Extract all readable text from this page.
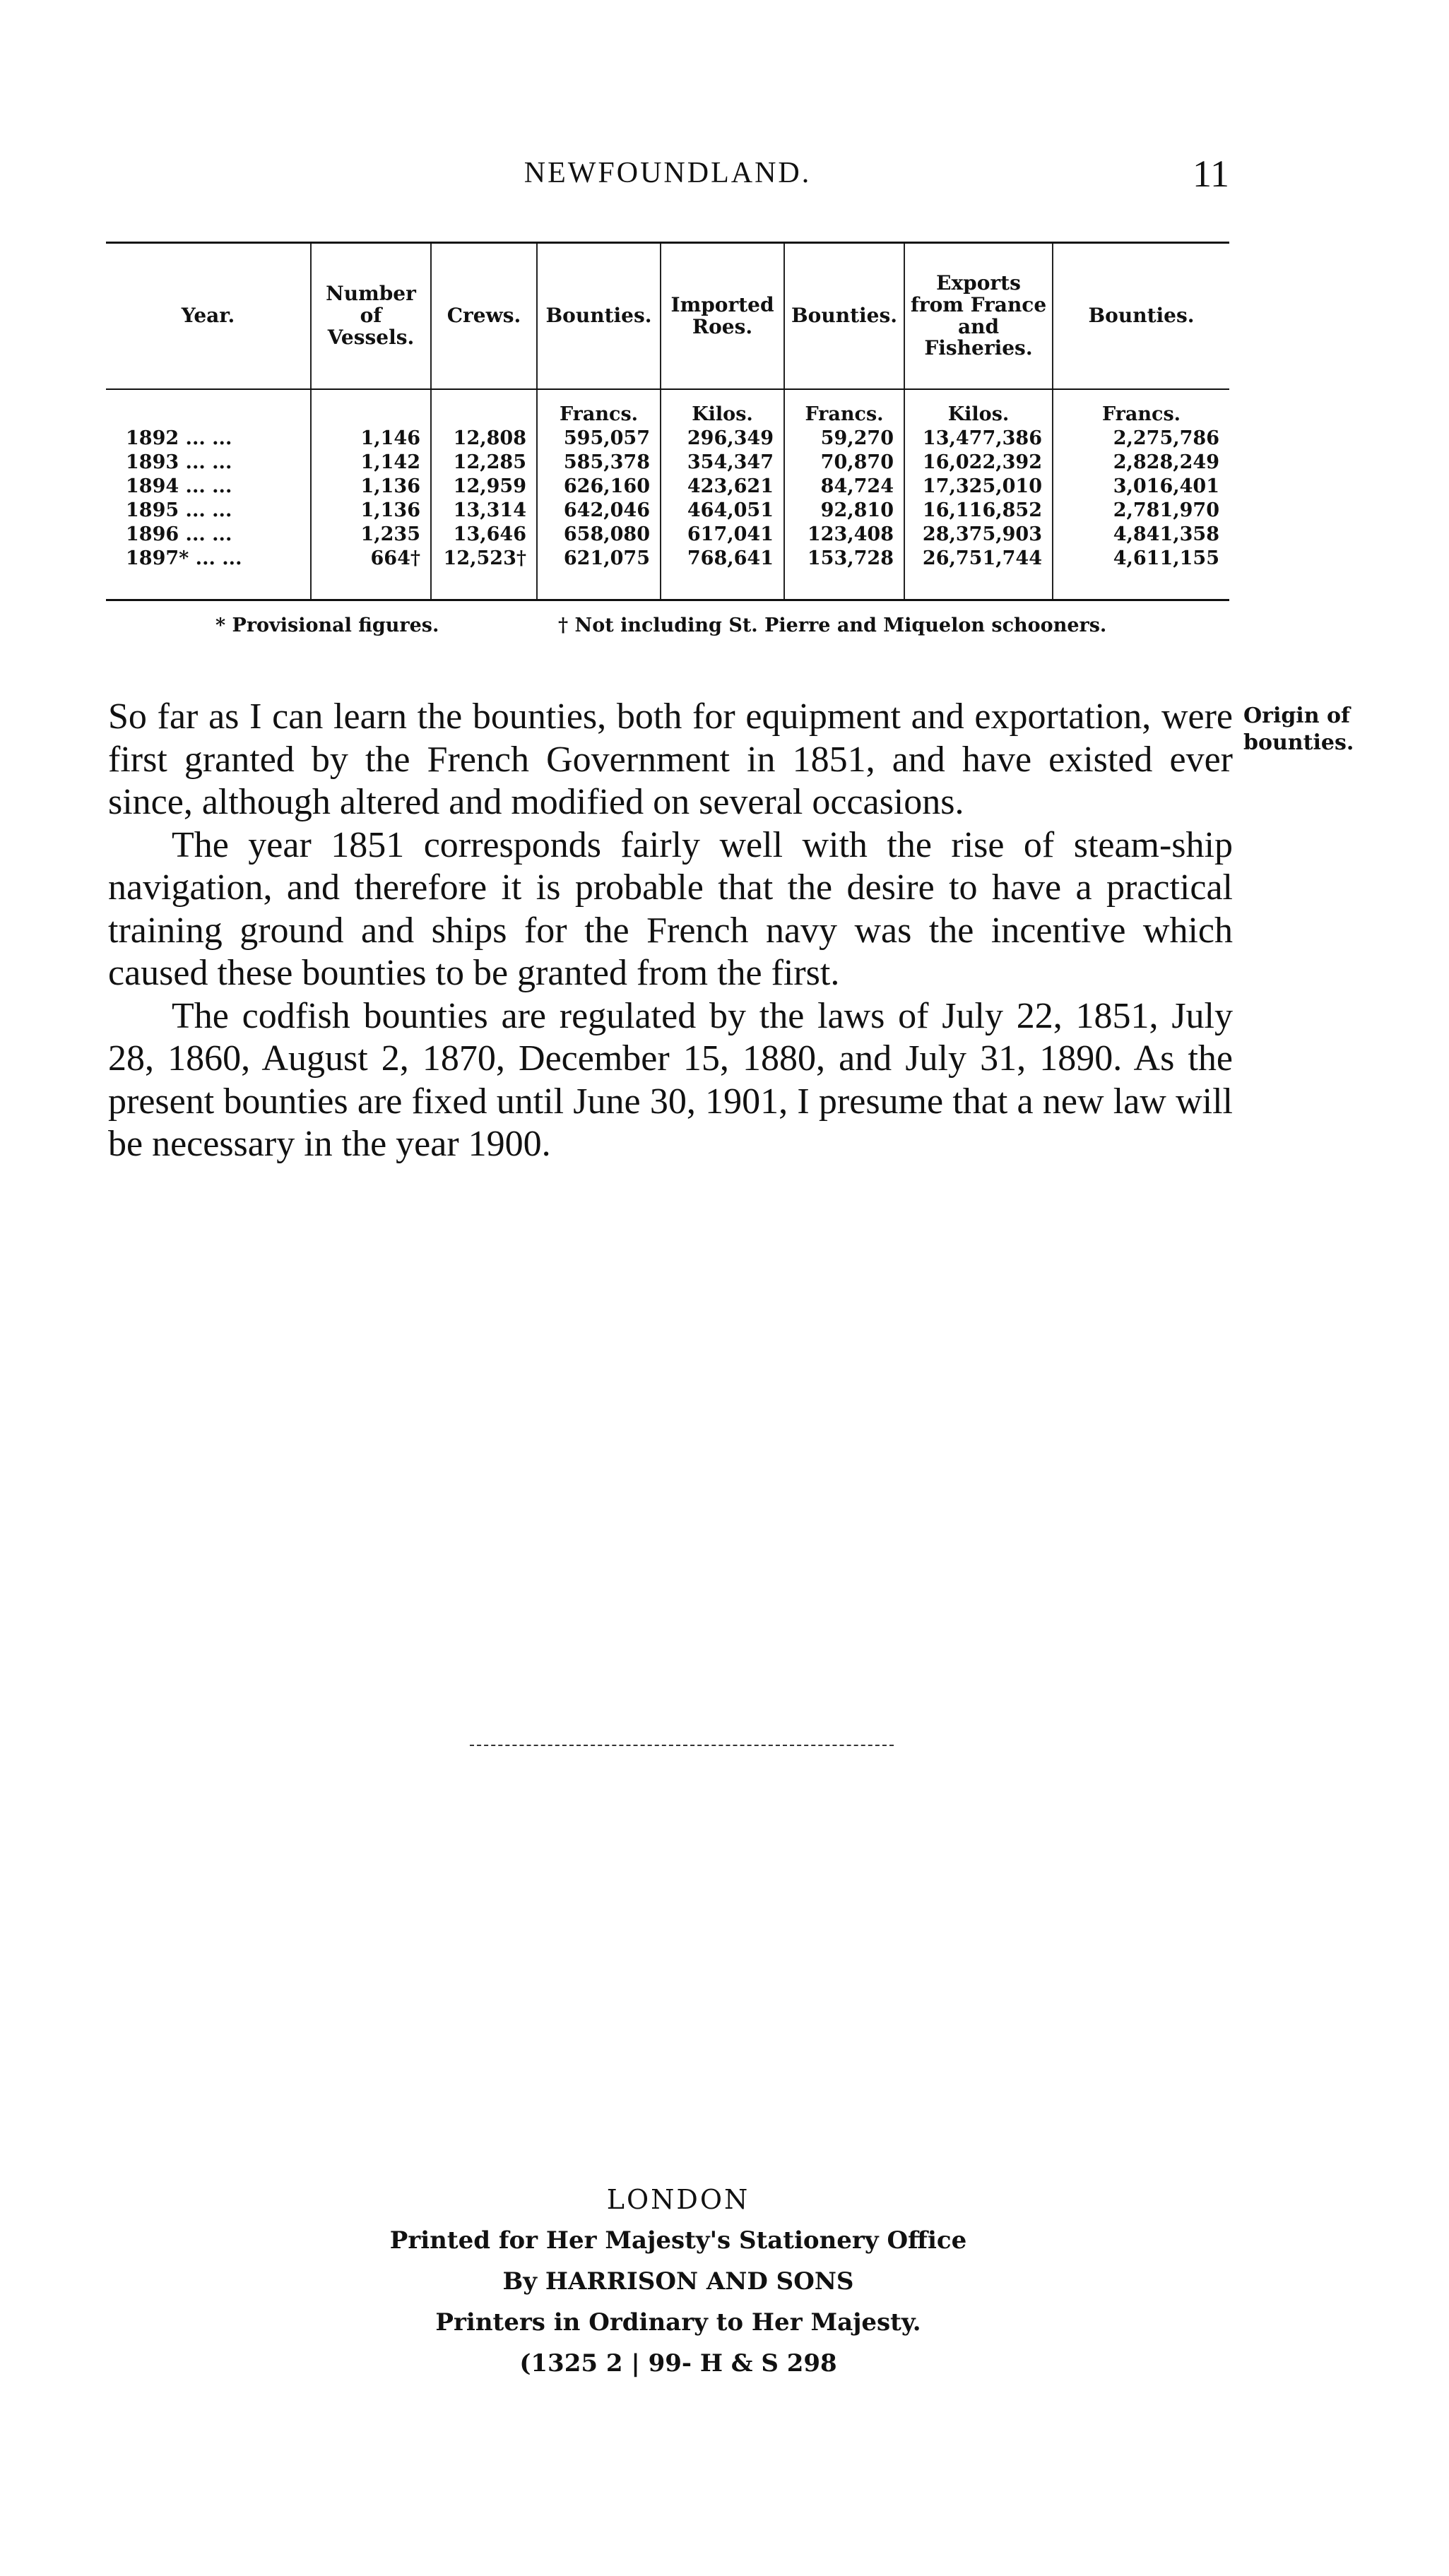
NEWFOUNDLAND.	11
Year.	Number of Vessels.	Crews.	Bounties.	Imported Roes.	Bounties.	Exports from France and Fisheries.	Bounties.
			Francs.	Kilos.	Francs.	Kilos.	Francs.
1892 ... ...	1,146	12,808	595,057	296,349	59,270	13,477,386	2,275,786
1893 ... ...	1,142	12,285	585,378	354,347	70,870	16,022,392	2,828,249
1894 ... ...	1,136	12,959	626,160	423,621	84,724	17,325,010	3,016,401
1895 ... ...	1,136	13,314	642,046	464,051	92,810	16,116,852	2,781,970
1896 ... ...	1,235	13,646	658,080	617,041	123,408	28,375,903	4,841,358
1897* ... ...	664†	12,523†	621,075	768,641	153,728	26,751,744	4,611,155
* Provisional figures.	† Not including St. Pierre and Miquelon schooners.

So far as I can learn the bounties, both for equipment and exportation, were first granted by the French Government in 1851, and have existed ever since, although altered and modified on several occasions.

The year 1851 corresponds fairly well with the rise of steam-ship navigation, and therefore it is probable that the desire to have a practical training ground and ships for the French navy was the incentive which caused these bounties to be granted from the first.

The codfish bounties are regulated by the laws of July 22, 1851, July 28, 1860, August 2, 1870, December 15, 1880, and July 31, 1890. As the present bounties are fixed until June 30, 1901, I presume that a new law will be necessary in the year 1900.

Origin of bounties.
LONDON
Printed for Her Majesty's Stationery Office
By HARRISON AND SONS
Printers in Ordinary to Her Majesty.
(1325 2 | 99- H & S 298
